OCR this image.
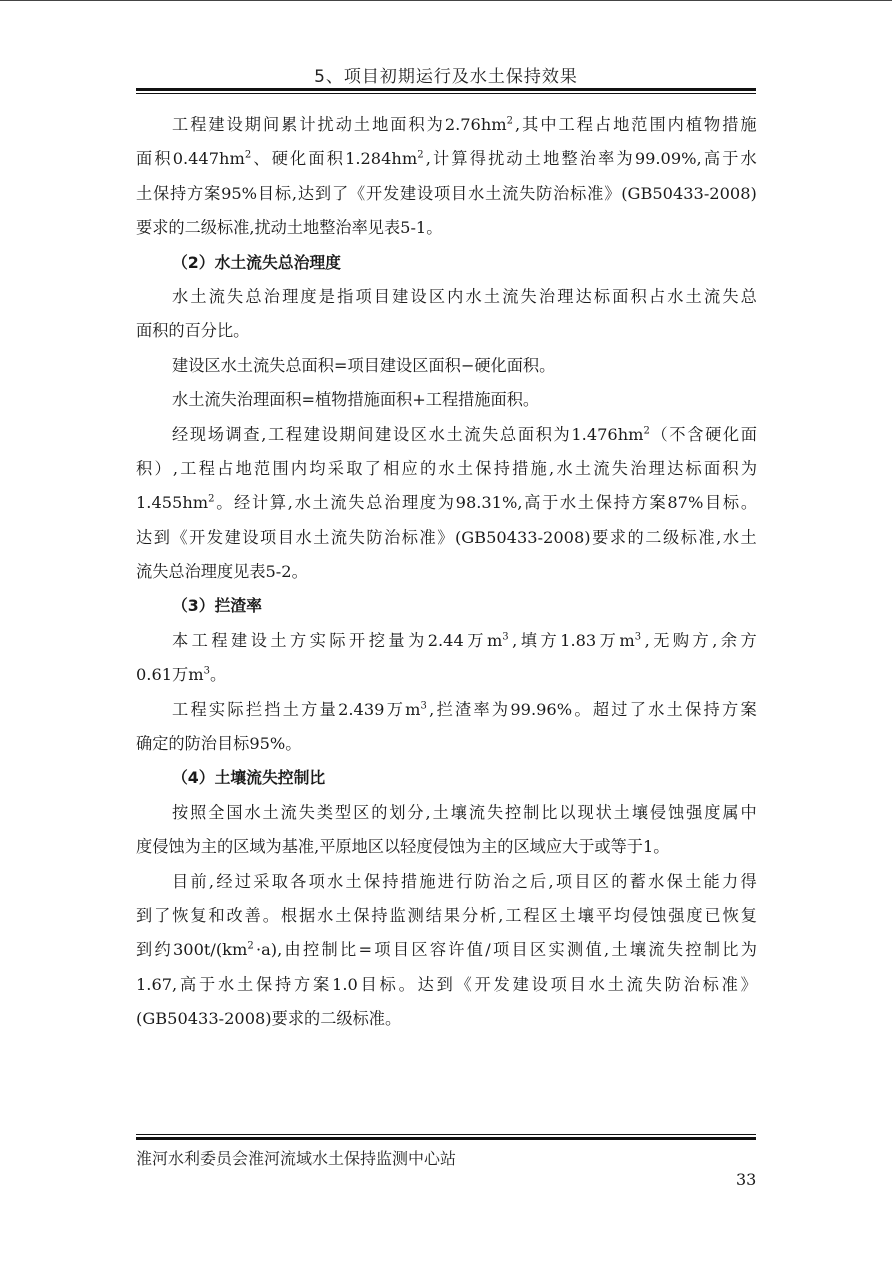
5、项目初期运行及水土保持效果
工 程 建 设 期 间 累 计 扰 动 土 地 面 积 为 $2.76hm^2$ , 其 中 工 程 占 地 范 围 内 植 物 措 施
面 积 $0.447hm^2$ 、 硬 化 面 积 $1.284hm^2$ , 计 算 得 扰 动 土 地 整 治 率 为 99.09%, 高 于 水
土 保 持 方 案 95% 目 标 , 达 到 了 《 开 发 建 设 项 目 水 土 流 失 防 治 标 准 》 (GB50433-2008)
要 求 的 二 级 标 准 , 扰 动 土 地 整 治 率 见 表 5-1 。
（2）水土流失总治理度
水 土 流 失 总 治 理 度 是 指 项 目 建 设 区 内 水 土 流 失 治 理 达 标 面 积 占 水 土 流 失 总
面 积 的 百 分 比 。
建 设 区 水 土 流 失 总 面 积 = 项 目 建 设 区 面 积 − 硬 化 面 积 。
水 土 流 失 治 理 面 积 = 植 物 措 施 面 积 + 工 程 措 施 面 积 。
经 现 场 调 查 , 工 程 建 设 期 间 建 设 区 水 土 流 失 总 面 积 为 $1.476hm^2$ （ 不 含 硬 化 面
积 ） , 工 程 占 地 范 围 内 均 采 取 了 相 应 的 水 土 保 持 措 施 , 水 土 流 失 治 理 达 标 面 积 为
$1.455hm^2$ 。 经 计 算 , 水 土 流 失 总 治 理 度 为 98.31%, 高 于 水 土 保 持 方 案 87% 目 标 。
达 到 《 开 发 建 设 项 目 水 土 流 失 防 治 标 准 》 (GB50433-2008) 要 求 的 二 级 标 准 , 水 土
流 失 总 治 理 度 见 表 5-2 。
（3）拦渣率
本 工 程 建 设 土 方 实 际 开 挖 量 为 2.44 万 $m^3$ , 填 方 1.83 万 $m^3$ , 无 购 方 , 余 方
0.61 万 $m^3$ 。
工 程 实 际 拦 挡 土 方 量 2.439 万 $m^3$ , 拦 渣 率 为 99.96% 。 超 过 了 水 土 保 持 方 案
确 定 的 防 治 目 标 95% 。
（4）土壤流失控制比
按 照 全 国 水 土 流 失 类 型 区 的 划 分 , 土 壤 流 失 控 制 比 以 现 状 土 壤 侵 蚀 强 度 属 中
度 侵 蚀 为 主 的 区 域 为 基 准 , 平 原 地 区 以 轻 度 侵 蚀 为 主 的 区 域 应 大 于 或 等 于 1 。
目 前 , 经 过 采 取 各 项 水 土 保 持 措 施 进 行 防 治 之 后 , 项 目 区 的 蓄 水 保 土 能 力 得
到 了 恢 复 和 改 善 。 根 据 水 土 保 持 监 测 结 果 分 析 , 工 程 区 土 壤 平 均 侵 蚀 强 度 已 恢 复
到 约 $300t/(km^2 \cdot a)$, 由 控 制 比 = 项 目 区 容 许 值 / 项 目 区 实 测 值 , 土 壤 流 失 控 制 比 为
1.67, 高 于 水 土 保 持 方 案 1.0 目 标 。 达 到 《 开 发 建 设 项 目 水 土 流 失 防 治 标 准 》
(GB50433-2008) 要 求 的 二 级 标 准 。
淮河水利委员会淮河流域水土保持监测中心站
33
